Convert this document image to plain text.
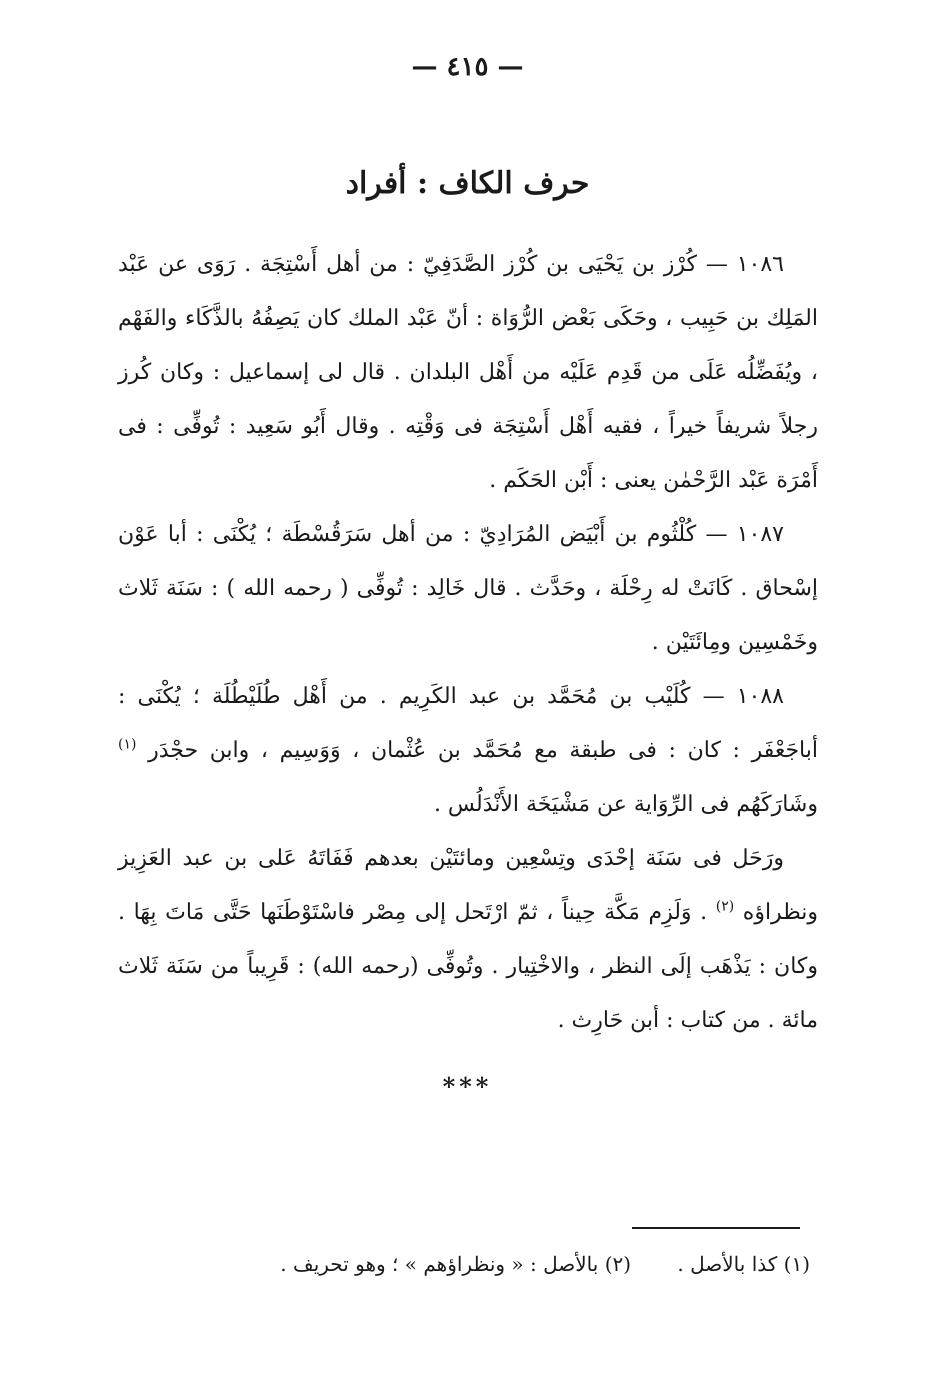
— ٤١٥ —
حرف الكاف : أفراد

١٠٨٦ — كُرْز بن يَحْيَى بن كُرْز الصَّدَفِيّ : من أهل أَسْتِجَة . رَوَى عن عَبْد المَلِك بن حَبِيب ، وحَكَى بَعْض الرُّوَاة : أنّ عَبْد الملك كان يَصِفُهُ بالذَّكَاء والفَهْم ، ويُفَضِّلُه عَلَى من قَدِم عَلَيْه من أَهْل البلدان . قال لى إسماعيل : وكان كُرز رجلاً شريفاً خيراً ، فقيه أَهْل أَسْتِجَة فى وَقْتِه . وقال أَبُو سَعِيد : تُوفِّى : فى أَمْرَة عَبْد الرَّحْمٰن يعنى : أَبْن الحَكَم .

١٠٨٧ — كُلْثُوم بن أَبْيَض المُرَادِيّ : من أهل سَرَقُسْطَة ؛ يُكْنَى : أبا عَوْن إسْحاق . كَانَتْ له رِحْلَة ، وحَدَّث . قال خَالِد : تُوفِّى ( رحمه الله ) : سَنَة ثَلاث وخَمْسِين ومِائَتَيْن .

١٠٨٨ — كُلَيْب بن مُحَمَّد بن عبد الكَرِيم . من أَهْل طُلَيْطُلَة ؛ يُكْنَى : أباجَعْفَر : كان : فى طبقة مع مُحَمَّد بن عُثْمان ، وَوَسِيم ، وابن حجْدَر $^{(١)}$ وشَارَكَهُم فى الرِّوَاية عن مَشْيَخَة الأَنْدَلُس .

ورَحَل فى سَنَة إحْدَى وتِسْعِين ومائتَيْن بعدهم فَفَاتَهُ عَلى بن عبد العَزِيز ونظراؤه $^{(٢)}$ . وَلَزِم مَكَّة حِيناً ، ثمّ ارْتَحل إلى مِصْر فاسْتَوْطَنَها حَتَّى مَاتَ بِهَا . وكان : يَذْهَب إلَى النظر ، والاخْتِيار . وتُوفِّى (رحمه الله) : قَرِيباً من سَنَة ثَلاث مائة . من كتاب : أبن حَارِث .

***
(١) كذا بالأصل . (٢) بالأصل : « ونظراؤهم » ؛ وهو تحريف .
